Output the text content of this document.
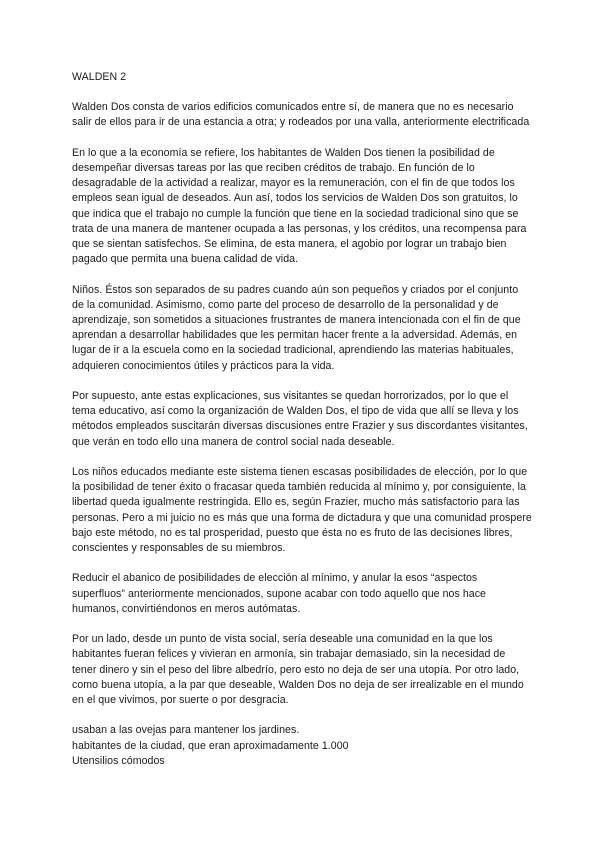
WALDEN 2

Walden Dos consta de varios edificios comunicados entre sí, de manera que no es necesario salir de ellos para ir de una estancia a otra; y rodeados por una valla, anteriormente electrificada

En lo que a la economía se refiere, los habitantes de Walden Dos tienen la posibilidad de desempeñar diversas tareas por las que reciben créditos de trabajo. En función de lo desagradable de la actividad a realizar, mayor es la remuneración, con el fin de que todos los empleos sean igual de deseados. Aun así, todos los servicios de Walden Dos son gratuitos, lo que indica que el trabajo no cumple la función que tiene en la sociedad tradicional sino que se trata de una manera de mantener ocupada a las personas, y los créditos, una recompensa para que se sientan satisfechos. Se elimina, de esta manera, el agobio por lograr un trabajo bien pagado que permita una buena calidad de vida.

Niños. Éstos son separados de su padres cuando aún son pequeños y criados por el conjunto de la comunidad. Asimismo, como parte del proceso de desarrollo de la personalidad y de aprendizaje, son sometidos a situaciones frustrantes de manera intencionada con el fin de que aprendan a desarrollar habilidades que les permitan hacer frente a la adversidad. Además, en lugar de ir a la escuela como en la sociedad tradicional, aprendiendo las materias habituales, adquieren conocimientos útiles y prácticos para la vida.

Por supuesto, ante estas explicaciones, sus visitantes se quedan horrorizados, por lo que el tema educativo, así como la organización de Walden Dos, el tipo de vida que allí se lleva y los métodos empleados suscitarán diversas discusiones entre Frazier y sus discordantes visitantes, que verán en todo ello una manera de control social nada deseable.

Los niños educados mediante este sistema tienen escasas posibilidades de elección, por lo que la posibilidad de tener éxito o fracasar queda también reducida al mínimo y, por consiguiente, la libertad queda igualmente restringida. Ello es, según Frazier, mucho más satisfactorio para las personas. Pero a mi juicio no es más que una forma de dictadura y que una comunidad prospere bajo este método, no es tal prosperidad, puesto que ésta no es fruto de las decisiones libres, conscientes y responsables de su miembros.

Reducir el abanico de posibilidades de elección al mínimo, y anular la esos “aspectos superfluos” anteriormente mencionados, supone acabar con todo aquello que nos hace humanos, convirtiéndonos en meros autómatas.

Por un lado, desde un punto de vista social, sería deseable una comunidad en la que los habitantes fueran felices y vivieran en armonía, sin trabajar demasiado, sin la necesidad de tener dinero y sin el peso del libre albedrío, pero esto no deja de ser una utopía. Por otro lado, como buena utopía, a la par que deseable, Walden Dos no deja de ser irrealizable en el mundo en el que vivimos, por suerte o por desgracia.

usaban a las ovejas para mantener los jardines.

habitantes de la ciudad, que eran aproximadamente 1.000

Utensilios cómodos
